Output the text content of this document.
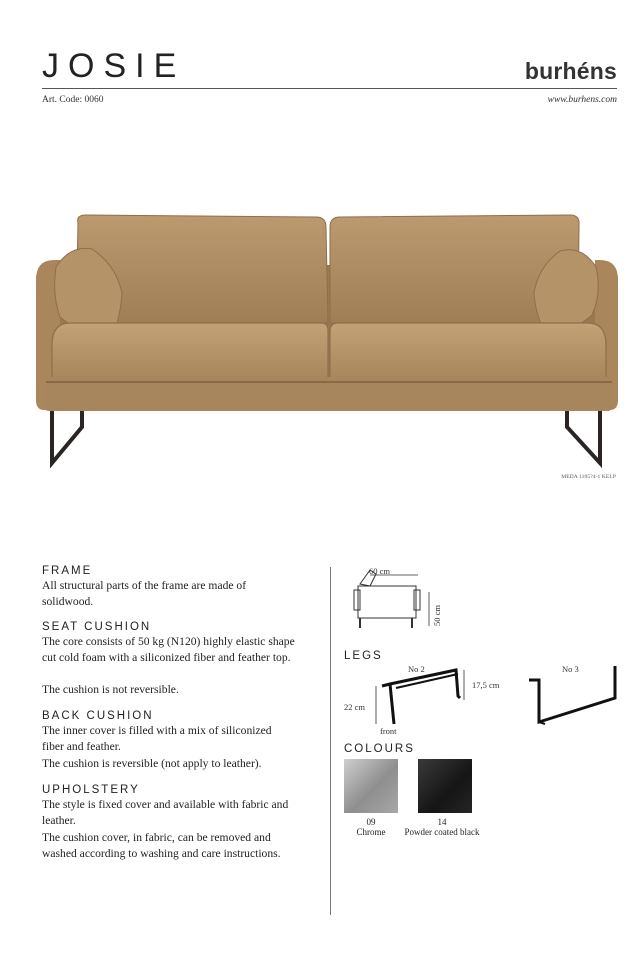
JOSIE	burhéns
Art. Code: 0060	www.burhens.com
MEDA 1105?4-1 KELP
FRAME
All structural parts of the frame are made of solidwood.
SEAT CUSHION
The core consists of 50 kg (N120) highly elastic shape cut cold foam with a siliconized fiber and feather top.
The cushion is not reversible.
BACK CUSHION
The inner cover is filled with a mix of siliconized fiber and feather.
The cushion is reversible (not apply to leather).
UPHOLSTERY
The style is fixed cover and available with fabric and leather.
The cushion cover, in fabric, can be removed and washed according to washing and care instructions.
60 cm
50 cm
LEGS
No 2	No 3
17,5 cm
22 cm
front
COLOURS
09
Chrome
14
Powder coated black
